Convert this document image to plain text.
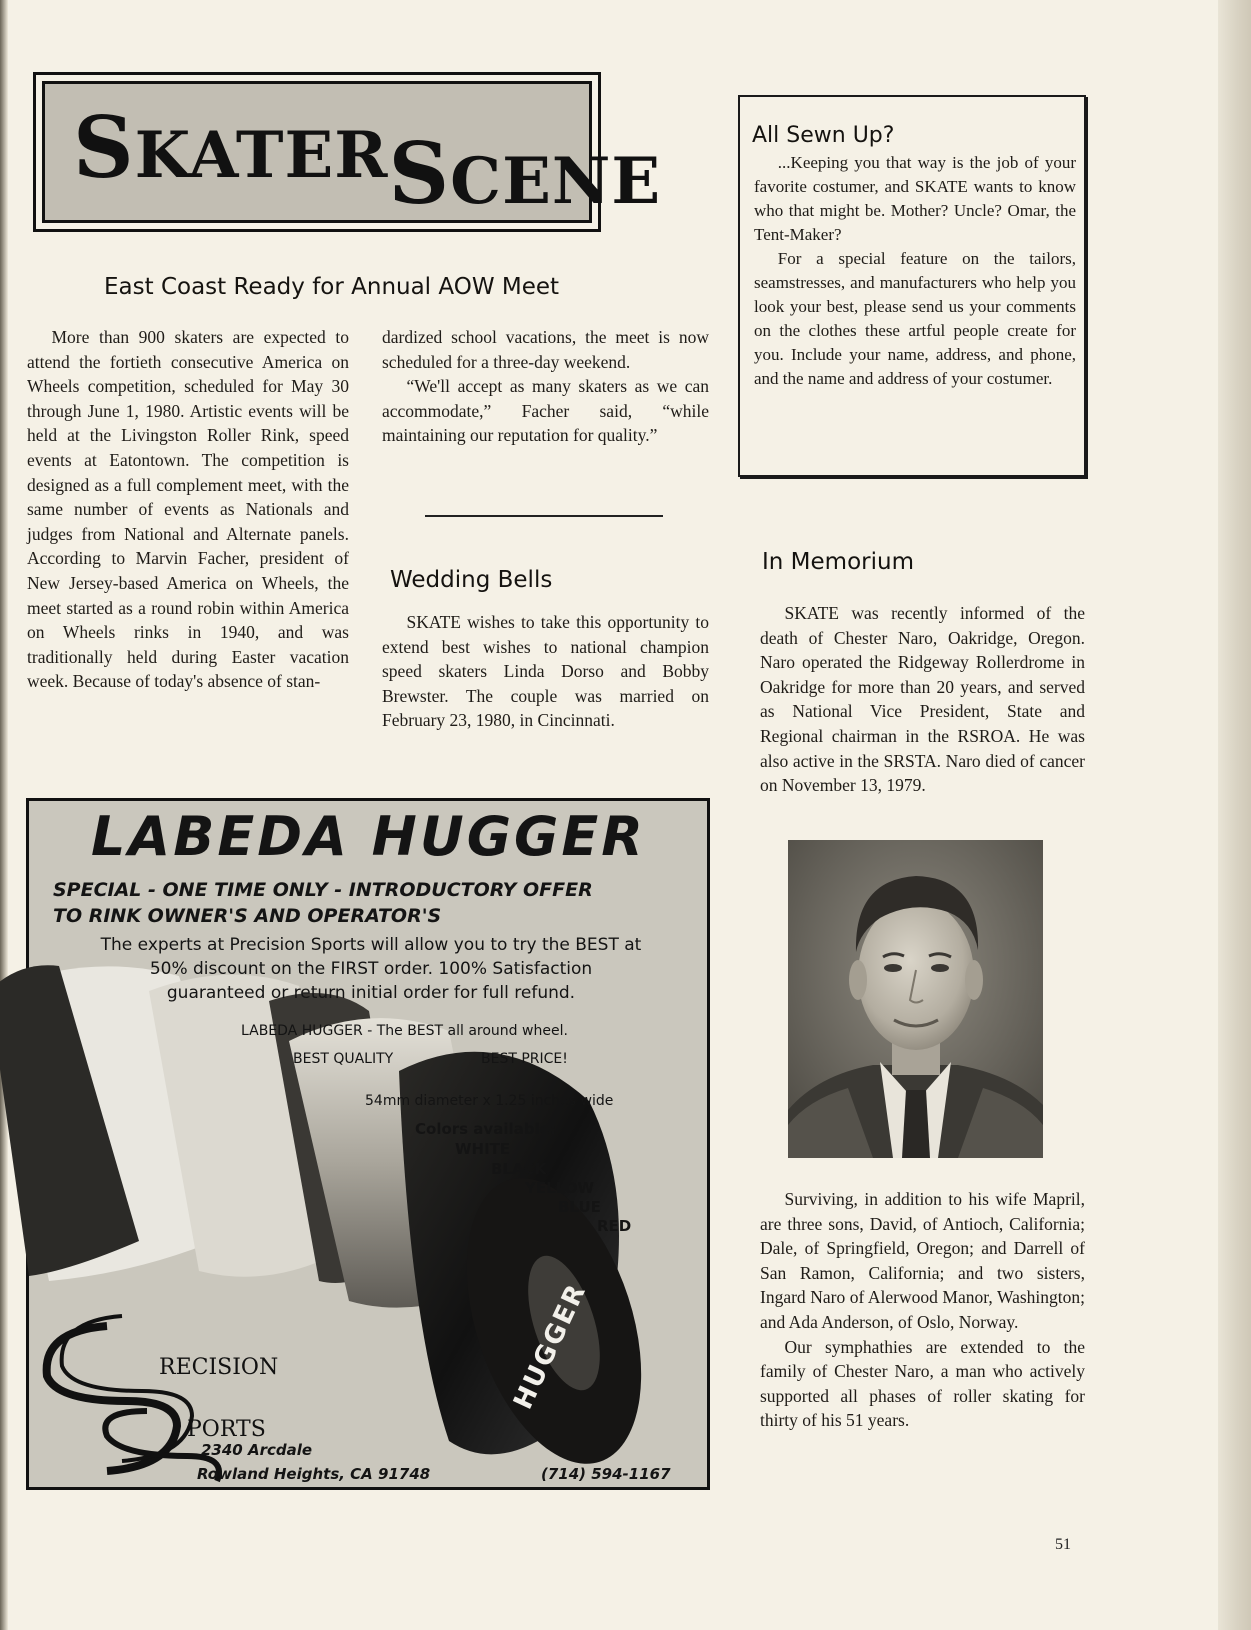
SKATERSCENE
East Coast Ready for Annual AOW Meet

More than 900 skaters are expected to attend the fortieth consecutive America on Wheels competition, scheduled for May 30 through June 1, 1980. Artistic events will be held at the Livingston Roller Rink, speed events at Eatontown. The competition is designed as a full complement meet, with the same number of events as Nationals and judges from National and Alternate panels. According to Marvin Facher, president of New Jersey-based America on Wheels, the meet started as a round robin within America on Wheels rinks in 1940, and was traditionally held during Easter vacation week. Because of today's absence of stan-

dardized school vacations, the meet is now scheduled for a three-day weekend.

“We'll accept as many skaters as we can accommodate,” Facher said, “while maintaining our reputation for quality.”

Wedding Bells

SKATE wishes to take this opportunity to extend best wishes to national champion speed skaters Linda Dorso and Bobby Brewster. The couple was married on February 23, 1980, in Cincinnati.

All Sewn Up?

...Keeping you that way is the job of your favorite costumer, and SKATE wants to know who that might be. Mother? Uncle? Omar, the Tent-Maker?

For a special feature on the tailors, seamstresses, and manufacturers who help you look your best, please send us your comments on the clothes these artful people create for you. Include your name, address, and phone, and the name and address of your costumer.

In Memorium

SKATE was recently informed of the death of Chester Naro, Oakridge, Oregon. Naro operated the Ridgeway Rollerdrome in Oakridge for more than 20 years, and served as National Vice President, State and Regional chairman in the RSROA. He was also active in the SRSTA. Naro died of cancer on November 13, 1979.

Surviving, in addition to his wife Mapril, are three sons, David, of Antioch, California; Dale, of Springfield, Oregon; and Darrell of San Ramon, California; and two sisters, Ingard Naro of Alerwood Manor, Washington; and Ada Anderson, of Oslo, Norway.

Our symphathies are extended to the family of Chester Naro, a man who actively supported all phases of roller skating for thirty of his 51 years.

HUGGER
LABEDA HUGGER
SPECIAL - ONE TIME ONLY - INTRODUCTORY OFFER
TO RINK OWNER'S AND OPERATOR'S
The experts at Precision Sports will allow you to try the BEST at
50% discount on the FIRST order. 100% Satisfaction
guaranteed or return initial order for full refund.
LABEDA HUGGER - The BEST all around wheel.
BEST QUALITY	BEST PRICE!
54mm diameter x 1.25 inches wide
Colors available:
WHITE
BLACK
YELLOW
BLUE
RED
RECISION
PORTS
2340 Arcdale
Rowland Heights, CA 91748	(714) 594-1167
51
